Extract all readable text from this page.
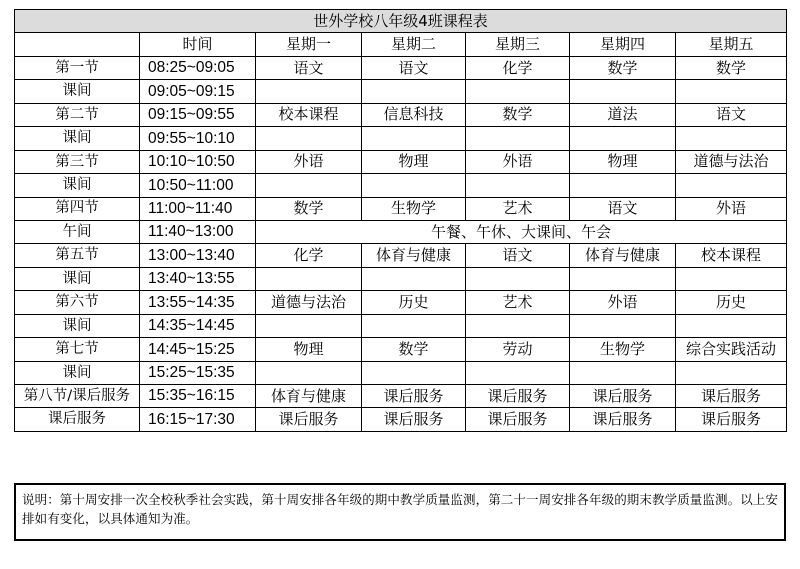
世外学校八年级4班课程表						
	时间	星期一	星期二	星期三	星期四	星期五
第一节	08:25~09:05	语文	语文	化学	数学	数学
课间	09:05~09:15					
第二节	09:15~09:55	校本课程	信息科技	数学	道法	语文
课间	09:55~10:10					
第三节	10:10~10:50	外语	物理	外语	物理	道德与法治
课间	10:50~11:00					
第四节	11:00~11:40	数学	生物学	艺术	语文	外语
午间	11:40~13:00	午餐、午休、大课间、午会				
第五节	13:00~13:40	化学	体育与健康	语文	体育与健康	校本课程
课间	13:40~13:55					
第六节	13:55~14:35	道德与法治	历史	艺术	外语	历史
课间	14:35~14:45					
第七节	14:45~15:25	物理	数学	劳动	生物学	综合实践活动
课间	15:25~15:35					
第八节/课后服务	15:35~16:15	体育与健康	课后服务	课后服务	课后服务	课后服务
课后服务	16:15~17:30	课后服务	课后服务	课后服务	课后服务	课后服务
说明：第十周安排一次全校秋季社会实践，第十周安排各年级的期中教学质量监测，第二十一周安排各年级的期末教学质量监测。以上安排如有变化，以具体通知为准。
